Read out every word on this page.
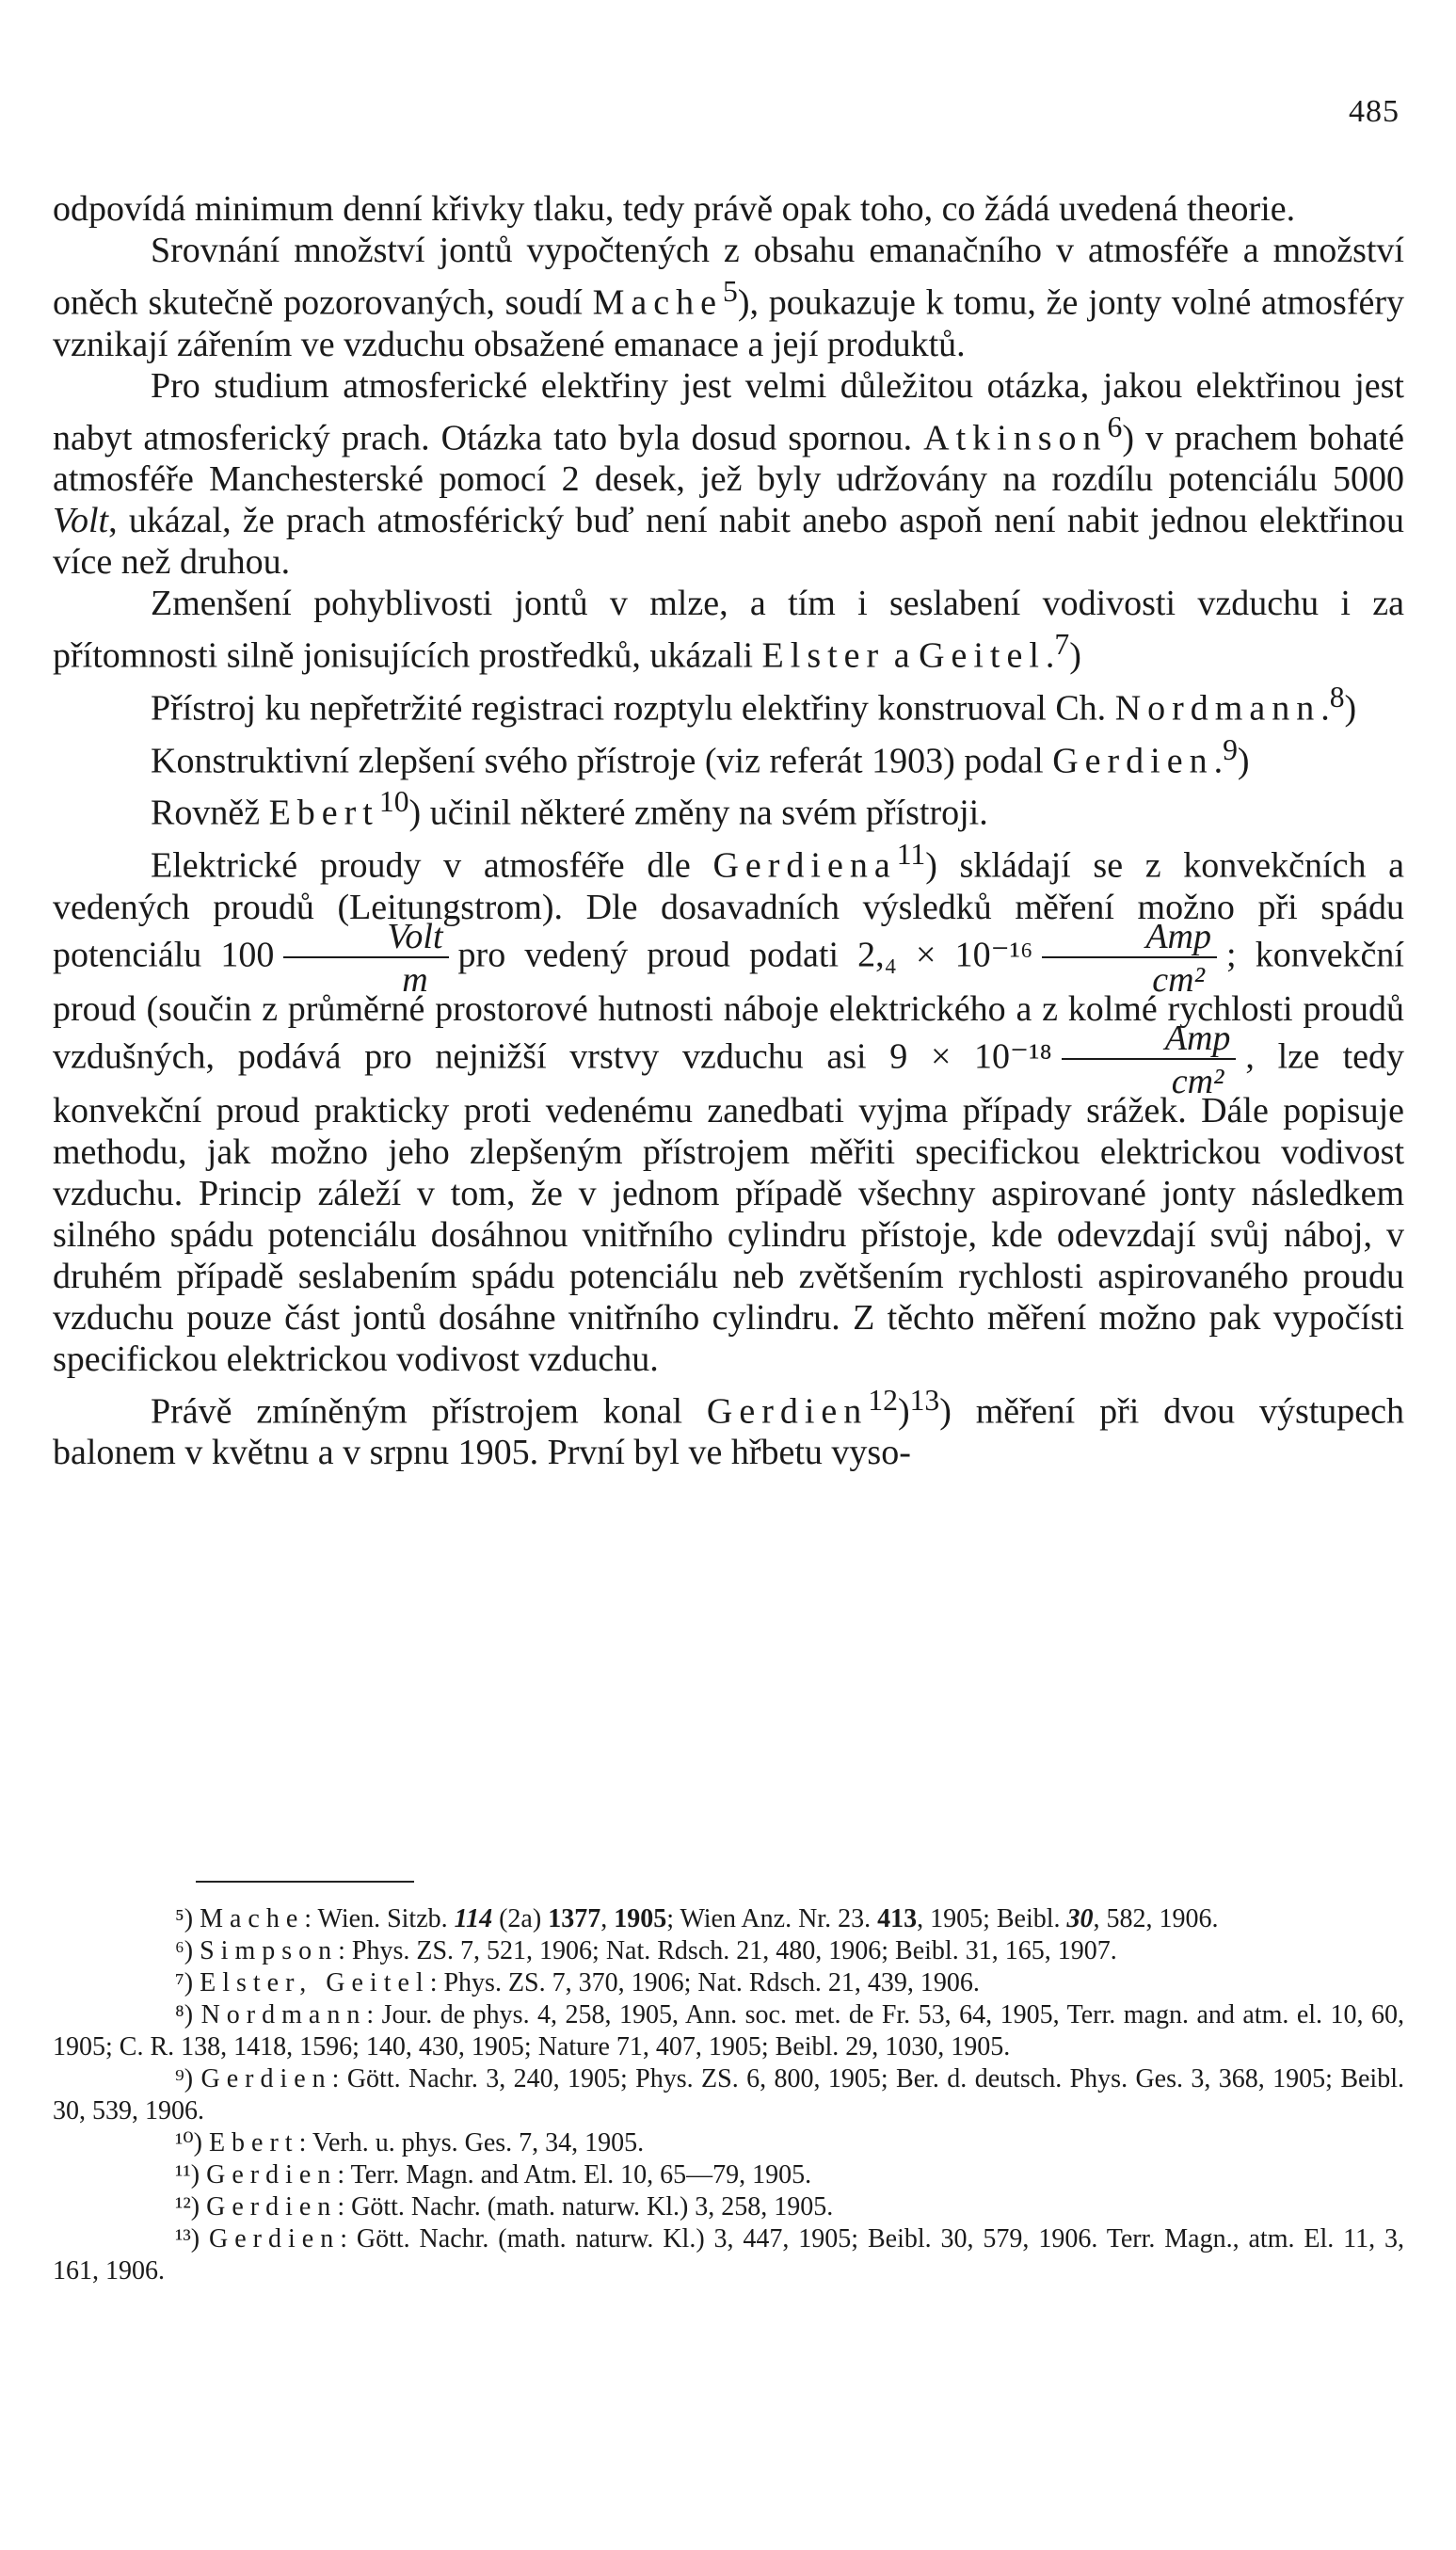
485

odpovídá minimum denní křivky tlaku, tedy právě opak toho, co žádá uvedená theorie.

Srovnání množství jontů vypočtených z obsahu emanačního v atmosféře a množství oněch skutečně pozorovaných, soudí Mache$^5$), poukazuje k tomu, že jonty volné atmosféry vznikají zářením ve vzduchu obsažené emanace a její produktů.

Pro studium atmosferické elektřiny jest velmi důležitou otázka, jakou elektřinou jest nabyt atmosferický prach. Otázka tato byla dosud spornou. Atkinson$^6$) v prachem bohaté atmosféře Manchesterské pomocí 2 desek, jež byly udržovány na rozdílu potenciálu 5000 Volt, ukázal, že prach atmosférický buď není nabit anebo aspoň není nabit jednou elektřinou více než druhou.

Zmenšení pohyblivosti jontů v mlze, a tím i seslabení vodivosti vzduchu i za přítomnosti silně jonisujících prostředků, ukázali Elster a Geitel.$^7$)

Přístroj ku nepřetržité registraci rozptylu elektřiny konstruoval Ch. Nordmann.$^8$)

Konstruktivní zlepšení svého přístroje (viz referát 1903) podal Gerdien.$^9$)

Rovněž Ebert$^{10}$) učinil některé změny na svém přístroji.

Elektrické proudy v atmosféře dle Gerdiena$^{11}$) skládají se z konvekčních a vedených proudů (Leitungstrom). Dle dosavadních výsledků měření možno při spádu potenciálu $100 \frac{\text{Volt}}{m}$ pro vedený proud podati $2,_4 \times 10^{-16} \frac{\text{Amp}}{\text{cm²}}$ ; konvekční proud (součin z průměrné prostorové hutnosti náboje elektrického a z kolmé rychlosti proudů vzdušných, podává pro nejnižší vrstvy vzduchu asi $9 \times 10^{-18} \frac{\text{Amp}}{\text{cm²}}$ , lze tedy konvekční proud prakticky proti vedenému zanedbati vyjma případy srážek. Dále popisuje methodu, jak možno jeho zlepšeným přístrojem měřiti specifickou elektrickou vodivost vzduchu. Princip záleží v tom, že v jednom případě všechny aspirované jonty následkem silného spádu potenciálu dosáhnou vnitřního cylindru přístoje, kde odevzdají svůj náboj, v druhém případě seslabením spádu potenciálu neb zvětšením rychlosti aspirovaného proudu vzduchu pouze část jontů dosáhne vnitřního cylindru. Z těchto měření možno pak vypočísti specifickou elektrickou vodivost vzduchu.

Právě zmíněným přístrojem konal Gerdien$^{12}$)$^{13}$) měření při dvou výstupech balonem v květnu a v srpnu 1905. První byl ve hřbetu vyso-

⁵) Mache: Wien. Sitzb. 114 (2a) 1377, 1905; Wien Anz. Nr. 23. 413, 1905; Beibl. 30, 582, 1906.

⁶) Simpson: Phys. ZS. 7, 521, 1906; Nat. Rdsch. 21, 480, 1906; Beibl. 31, 165, 1907.

⁷) Elster, Geitel: Phys. ZS. 7, 370, 1906; Nat. Rdsch. 21, 439, 1906.

⁸) Nordmann: Jour. de phys. 4, 258, 1905, Ann. soc. met. de Fr. 53, 64, 1905, Terr. magn. and atm. el. 10, 60, 1905; C. R. 138, 1418, 1596; 140, 430, 1905; Nature 71, 407, 1905; Beibl. 29, 1030, 1905.

⁹) Gerdien: Gött. Nachr. 3, 240, 1905; Phys. ZS. 6, 800, 1905; Ber. d. deutsch. Phys. Ges. 3, 368, 1905; Beibl. 30, 539, 1906.

¹⁰) Ebert: Verh. u. phys. Ges. 7, 34, 1905.

¹¹) Gerdien: Terr. Magn. and Atm. El. 10, 65—79, 1905.

¹²) Gerdien: Gött. Nachr. (math. naturw. Kl.) 3, 258, 1905.

¹³) Gerdien: Gött. Nachr. (math. naturw. Kl.) 3, 447, 1905; Beibl. 30, 579, 1906. Terr. Magn., atm. El. 11, 3, 161, 1906.
